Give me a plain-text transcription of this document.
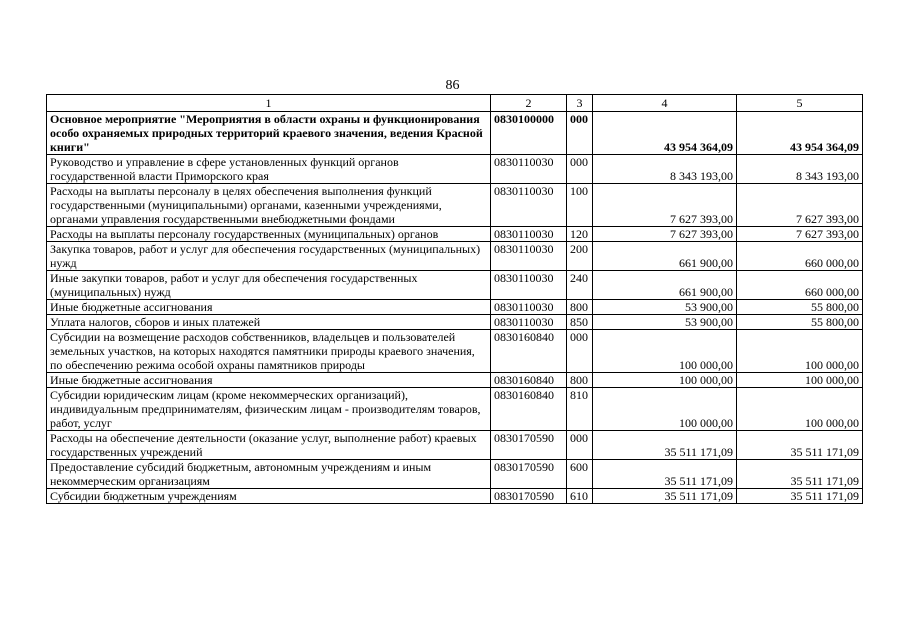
86
1	2	3	4	5
Основное мероприятие "Мероприятия в области охраны и функционирования особо охраняемых природных территорий краевого значения, ведения Красной книги"	0830100000	000	43 954 364,09	43 954 364,09
Руководство и управление в сфере установленных функций органов государственной власти Приморского края	0830110030	000	8 343 193,00	8 343 193,00
Расходы на выплаты персоналу в целях обеспечения выполнения функций государственными (муниципальными) органами, казенными учреждениями, органами управления государственными внебюджетными фондами	0830110030	100	7 627 393,00	7 627 393,00
Расходы на выплаты персоналу государственных (муниципальных) органов	0830110030	120	7 627 393,00	7 627 393,00
Закупка товаров, работ и услуг для обеспечения государственных (муниципальных) нужд	0830110030	200	661 900,00	660 000,00
Иные закупки товаров, работ и услуг для обеспечения государственных (муниципальных) нужд	0830110030	240	661 900,00	660 000,00
Иные бюджетные ассигнования	0830110030	800	53 900,00	55 800,00
Уплата налогов, сборов и иных платежей	0830110030	850	53 900,00	55 800,00
Субсидии на возмещение расходов собственников, владельцев и пользователей земельных участков, на которых находятся памятники природы краевого значения, по обеспечению режима особой охраны памятников природы	0830160840	000	100 000,00	100 000,00
Иные бюджетные ассигнования	0830160840	800	100 000,00	100 000,00
Субсидии юридическим лицам (кроме некоммерческих организаций), индивидуальным предпринимателям, физическим лицам - производителям товаров, работ, услуг	0830160840	810	100 000,00	100 000,00
Расходы на обеспечение деятельности (оказание услуг, выполнение работ) краевых государственных учреждений	0830170590	000	35 511 171,09	35 511 171,09
Предоставление субсидий бюджетным, автономным учреждениям и иным некоммерческим организациям	0830170590	600	35 511 171,09	35 511 171,09
Субсидии бюджетным учреждениям	0830170590	610	35 511 171,09	35 511 171,09
